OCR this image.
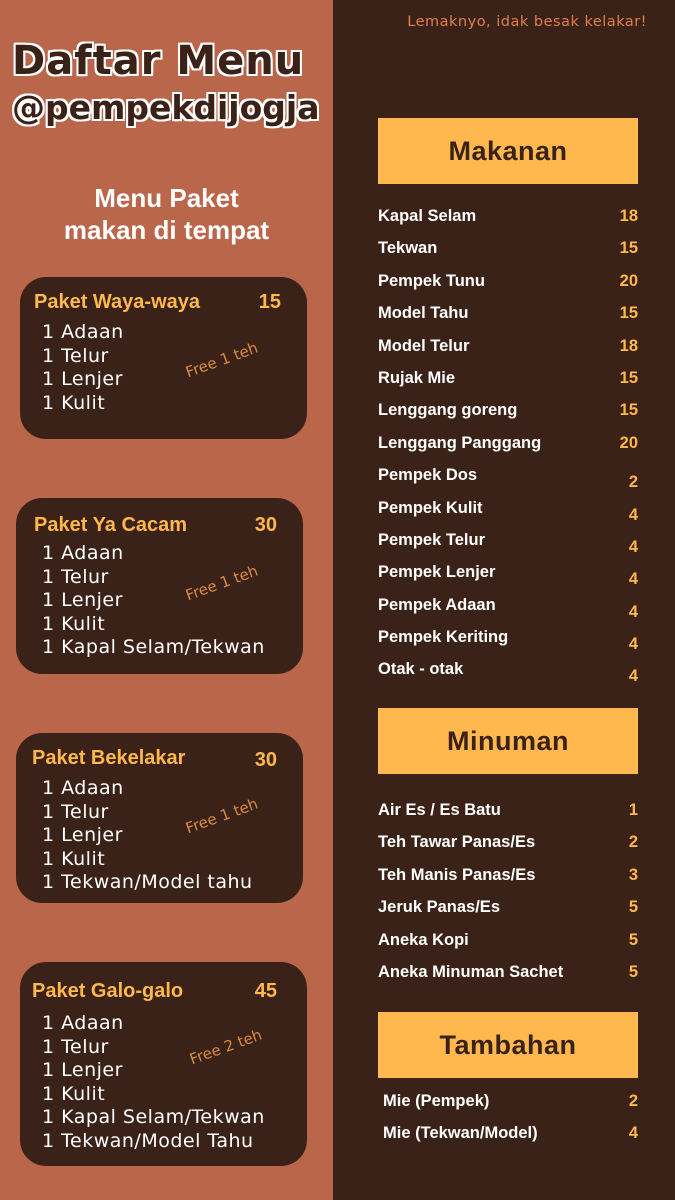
Daftar Menu
@pempekdijogja
Menu Paket
makan di tempat
Paket Waya-waya	15
1 Adaan
1 Telur
1 Lenjer
1 Kulit
Free 1 teh
Paket Ya Cacam	30
1 Adaan
1 Telur
1 Lenjer
1 Kulit
1 Kapal Selam/Tekwan
Free 1 teh
Paket Bekelakar	30
1 Adaan
1 Telur
1 Lenjer
1 Kulit
1 Tekwan/Model tahu
Free 1 teh
Paket Galo-galo	45
1 Adaan
1 Telur
1 Lenjer
1 Kulit
1 Kapal Selam/Tekwan
1 Tekwan/Model Tahu
Free 2 teh

Lemaknyo, idak besak kelakar!

Makanan
Kapal Selam	18
Tekwan	15
Pempek Tunu	20
Model Tahu	15
Model Telur	18
Rujak Mie	15
Lenggang goreng	15
Lenggang Panggang	20
Pempek Dos	2
Pempek Kulit	4
Pempek Telur	4
Pempek Lenjer	4
Pempek Adaan	4
Pempek Keriting	4
Otak - otak	4
Minuman
Air Es / Es Batu	1
Teh Tawar Panas/Es	2
Teh Manis Panas/Es	3
Jeruk Panas/Es	5
Aneka Kopi	5
Aneka Minuman Sachet	5
Tambahan
Mie (Pempek)	2
Mie (Tekwan/Model)	4
